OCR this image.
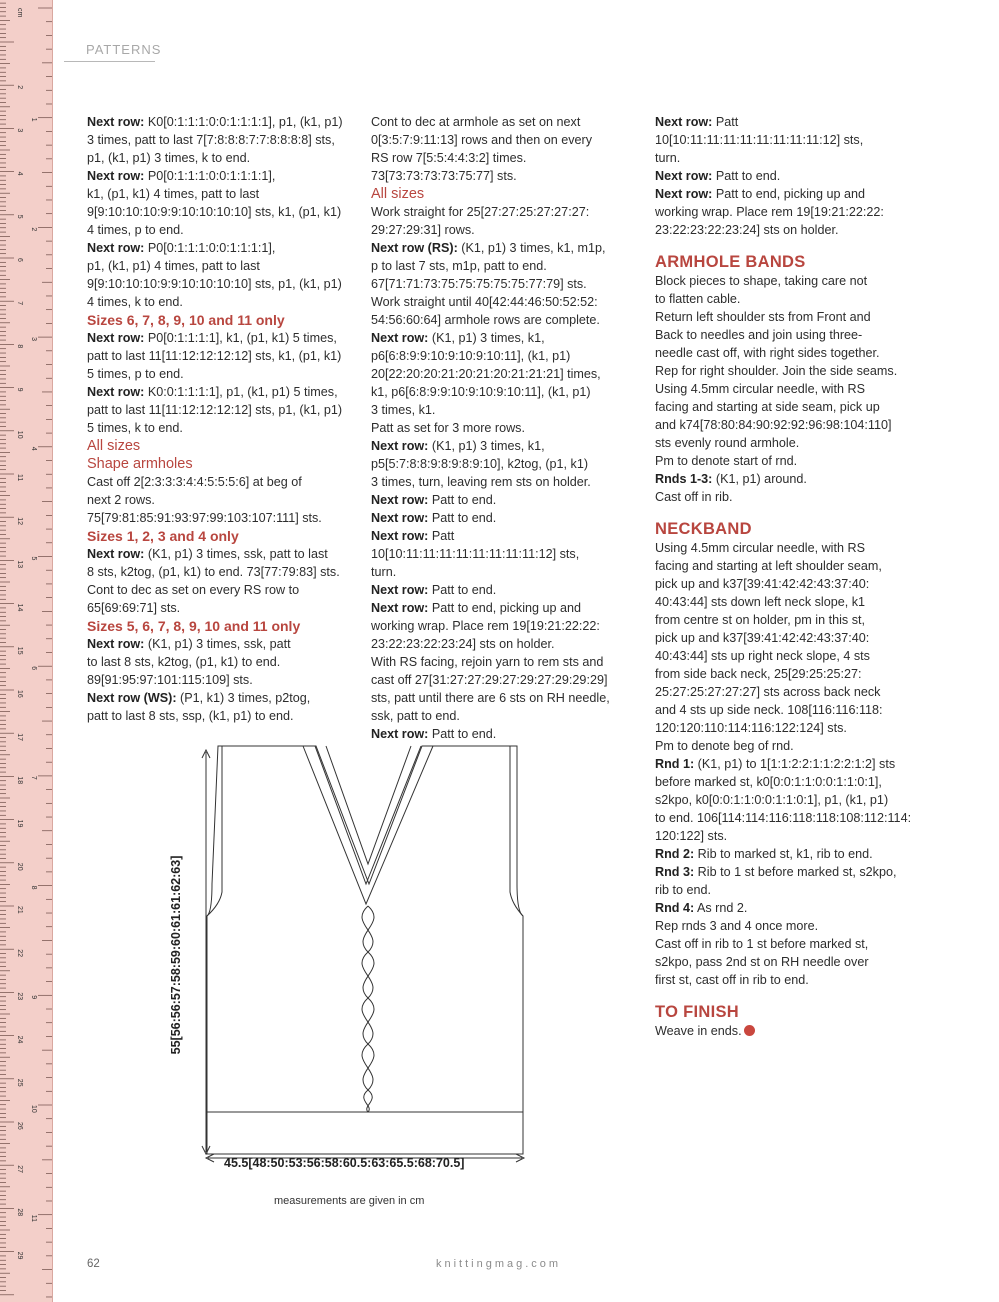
2
3
4
5
6
7
8
9
10
11
12
13
14
15
16
17
18
19
20
21
22
23
24
25
26
27
28
29
1
2
3
4
5
6
7
8
9
10
11
cm
PATTERNS

Next row: K0[0:1:1:1:0:0:1:1:1:1], p1, (k1, p1)
3 times, patt to last 7[7:8:8:8:7:7:8:8:8:8] sts,
p1, (k1, p1) 3 times, k to end.

Next row: P0[0:1:1:1:0:0:1:1:1:1],
k1, (p1, k1) 4 times, patt to last
9[9:10:10:10:9:9:10:10:10:10] sts, k1, (p1, k1)
4 times, p to end.

Next row: P0[0:1:1:1:0:0:1:1:1:1],
p1, (k1, p1) 4 times, patt to last
9[9:10:10:10:9:9:10:10:10:10] sts, p1, (k1, p1)
4 times, k to end.

Sizes 6, 7, 8, 9, 10 and 11 only

Next row: P0[0:1:1:1:1], k1, (p1, k1) 5 times,
patt to last 11[11:12:12:12:12] sts, k1, (p1, k1)
5 times, p to end.

Next row: K0:0:1:1:1:1], p1, (k1, p1) 5 times,
patt to last 11[11:12:12:12:12] sts, p1, (k1, p1)
5 times, k to end.

All sizes

Shape armholes

Cast off 2[2:3:3:3:4:4:5:5:5:6] at beg of
next 2 rows.
75[79:81:85:91:93:97:99:103:107:111] sts.

Sizes 1, 2, 3 and 4 only

Next row: (K1, p1) 3 times, ssk, patt to last
8 sts, k2tog, (p1, k1) to end. 73[77:79:83] sts.
Cont to dec as set on every RS row to
65[69:69:71] sts.

Sizes 5, 6, 7, 8, 9, 10 and 11 only

Next row: (K1, p1) 3 times, ssk, patt
to last 8 sts, k2tog, (p1, k1) to end.
89[91:95:97:101:115:109] sts.

Next row (WS): (P1, k1) 3 times, p2tog,
patt to last 8 sts, ssp, (k1, p1) to end.

Cont to dec at armhole as set on next
0[3:5:7:9:11:13] rows and then on every
RS row 7[5:5:4:4:3:2] times.
73[73:73:73:73:75:77] sts.

All sizes

Work straight for 25[27:27:25:27:27:27:
29:27:29:31] rows.

Next row (RS): (K1, p1) 3 times, k1, m1p,
p to last 7 sts, m1p, patt to end.
67[71:71:73:75:75:75:75:75:77:79] sts.
Work straight until 40[42:44:46:50:52:52:
54:56:60:64] armhole rows are complete.

Next row: (K1, p1) 3 times, k1,
p6[6:8:9:9:10:9:10:9:10:11], (k1, p1)
20[22:20:20:21:20:21:20:21:21:21] times,
k1, p6[6:8:9:9:10:9:10:9:10:11], (k1, p1)
3 times, k1.
Patt as set for 3 more rows.

Next row: (K1, p1) 3 times, k1,
p5[5:7:8:8:9:8:9:8:9:10], k2tog, (p1, k1)
3 times, turn, leaving rem sts on holder.

Next row: Patt to end.

Next row: Patt to end.

Next row: Patt 10[10:11:11:11:11:11:11:11:11:12] sts,
turn.

Next row: Patt to end.

Next row: Patt to end, picking up and
working wrap. Place rem 19[19:21:22:22:
23:22:23:22:23:24] sts on holder.
With RS facing, rejoin yarn to rem sts and
cast off 27[31:27:27:29:27:29:27:29:29:29]
sts, patt until there are 6 sts on RH needle,
ssk, patt to end.

Next row: Patt to end.

Next row: Patt 10[10:11:11:11:11:11:11:11:11:12] sts,
turn.

Next row: Patt to end.

Next row: Patt to end, picking up and
working wrap. Place rem 19[19:21:22:22:
23:22:23:22:23:24] sts on holder.

ARMHOLE BANDS

Block pieces to shape, taking care not
to flatten cable.
Return left shoulder sts from Front and
Back to needles and join using three-
needle cast off, with right sides together.
Rep for right shoulder. Join the side seams.
Using 4.5mm circular needle, with RS
facing and starting at side seam, pick up
and k74[78:80:84:90:92:92:96:98:104:110]
sts evenly round armhole.
Pm to denote start of rnd.

Rnds 1-3: (K1, p1) around.
Cast off in rib.

NECKBAND

Using 4.5mm circular needle, with RS
facing and starting at left shoulder seam,
pick up and k37[39:41:42:42:43:37:40:
40:43:44] sts down left neck slope, k1
from centre st on holder, pm in this st,
pick up and k37[39:41:42:42:43:37:40:
40:43:44] sts up right neck slope, 4 sts
from side back neck, 25[29:25:25:27:
25:27:25:27:27:27] sts across back neck
and 4 sts up side neck. 108[116:116:118:
120:120:110:114:116:122:124] sts.
Pm to denote beg of rnd.

Rnd 1: (K1, p1) to 1[1:1:2:2:1:1:2:2:1:2] sts
before marked st, k0[0:0:1:1:0:0:1:1:0:1],
s2kpo, k0[0:0:1:1:0:0:1:1:0:1], p1, (k1, p1)
to end. 106[114:114:116:118:118:108:112:114:
120:122] sts.

Rnd 2: Rib to marked st, k1, rib to end.

Rnd 3: Rib to 1 st before marked st, s2kpo,
rib to end.

Rnd 4: As rnd 2.
Rep rnds 3 and 4 once more.
Cast off in rib to 1 st before marked st,
s2kpo, pass 2nd st on RH needle over
first st, cast off in rib to end.

TO FINISH

Weave in ends.

55[56:56:57:58:59:60:61:61:62:63]
45.5[48:50:53:56:58:60.5:63:65.5:68:70.5]
measurements are given in cm
62	knittingmag.com
